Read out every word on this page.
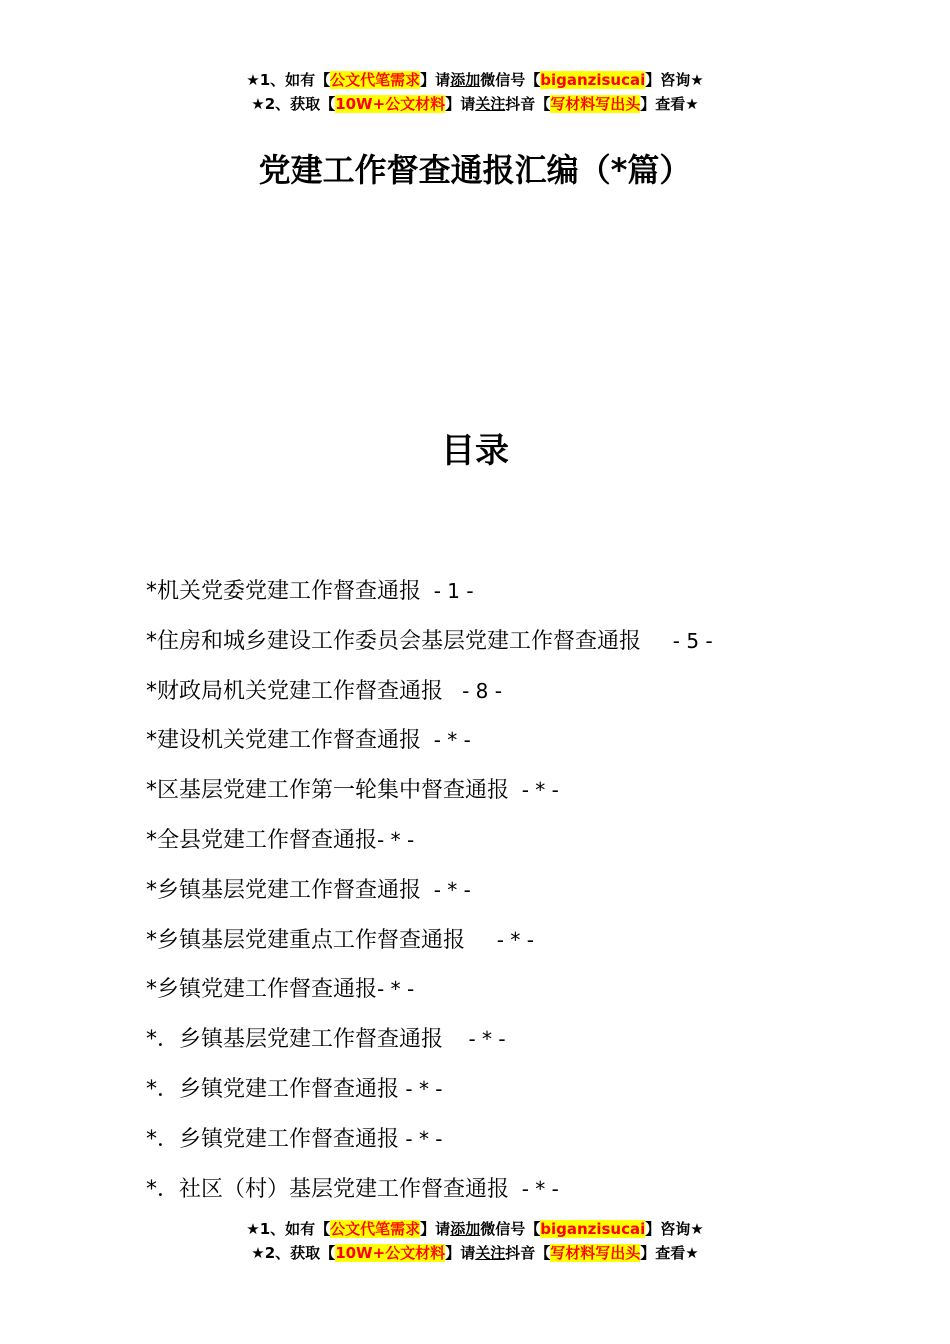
★1、如有【公文代笔需求】请添加微信号【biganzisucai】咨询★
★2、获取【10W+公文材料】请关注抖音【写材料写出头】查看★
党建工作督查通报汇编（*篇）
目录
*机关党委党建工作督查通报  - 1 -
*住房和城乡建设工作委员会基层党建工作督查通报     - 5 -
*财政局机关党建工作督查通报   - 8 -
*建设机关党建工作督查通报  - * -
*区基层党建工作第一轮集中督查通报  - * -
*全县党建工作督查通报- * -
*乡镇基层党建工作督查通报  - * -
*乡镇基层党建重点工作督查通报     - * -
*乡镇党建工作督查通报- * -
*．乡镇基层党建工作督查通报    - * -
*．乡镇党建工作督查通报 - * -
*．乡镇党建工作督查通报 - * -
*．社区（村）基层党建工作督查通报  - * -
★1、如有【公文代笔需求】请添加微信号【biganzisucai】咨询★
★2、获取【10W+公文材料】请关注抖音【写材料写出头】查看★
